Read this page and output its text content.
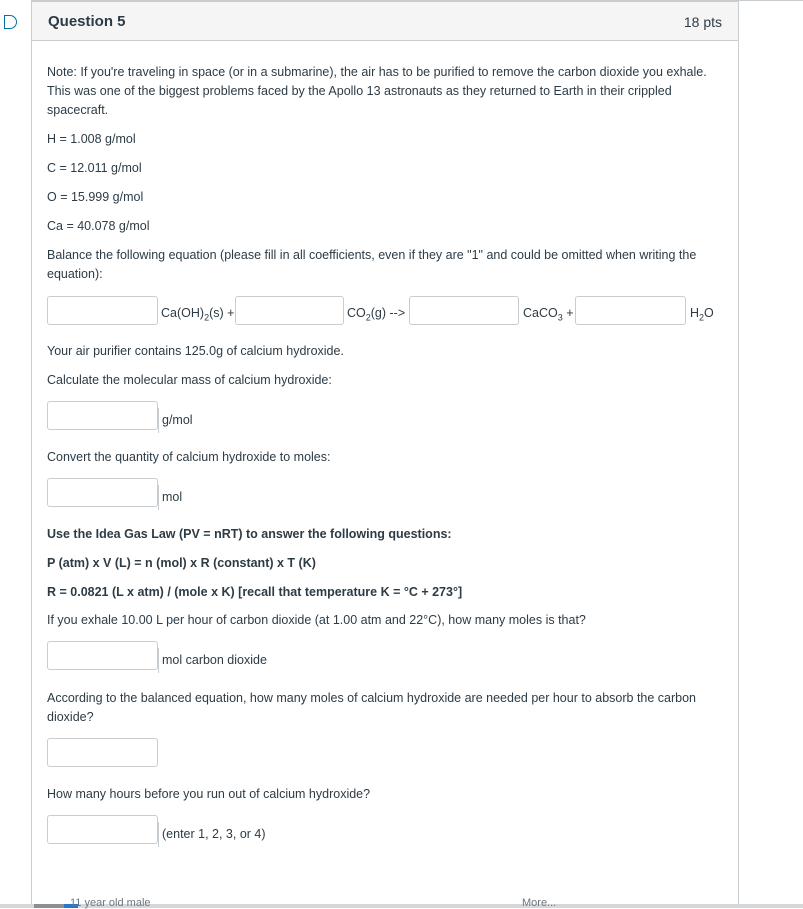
Question 5	18 pts
Note: If you're traveling in space (or in a submarine), the air has to be purified to remove the carbon dioxide you exhale. This was one of the biggest problems faced by the Apollo 13 astronauts as they returned to Earth in their crippled spacecraft.
H = 1.008 g/mol
C = 12.011 g/mol
O = 15.999 g/mol
Ca = 40.078 g/mol
Balance the following equation (please fill in all coefficients, even if they are "1" and could be omitted when writing the equation):
$Ca(OH)_2(s)$ +	$CO_2(g)$ -->	CaCO$_3$ +	$H_2O$
Your air purifier contains 125.0g of calcium hydroxide.
Calculate the molecular mass of calcium hydroxide:
g/mol
Convert the quantity of calcium hydroxide to moles:
mol
Use the Idea Gas Law (PV = nRT) to answer the following questions:
P (atm) x V (L) = n (mol) x R (constant) x T (K)
R = 0.0821 (L x atm) / (mole x K) [recall that temperature K = °C + 273°]
If you exhale 10.00 L per hour of carbon dioxide (at 1.00 atm and 22°C), how many moles is that?
mol carbon dioxide
According to the balanced equation, how many moles of calcium hydroxide are needed per hour to absorb the carbon dioxide?
How many hours before you run out of calcium hydroxide?
(enter 1, 2, 3, or 4)
11 year old male	More...
